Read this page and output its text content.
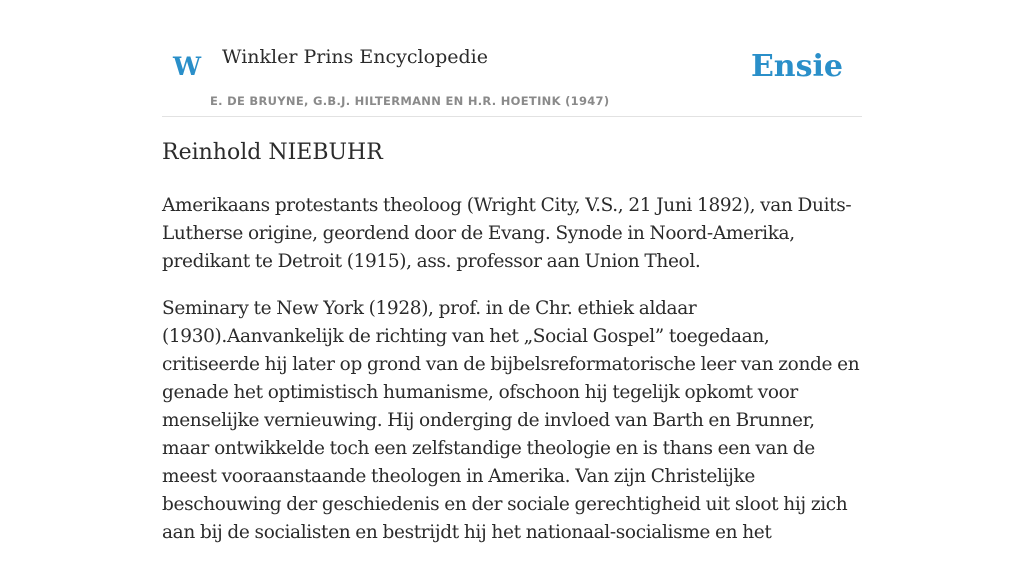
W Winkler Prins Encyclopedie
E. DE BRUYNE, G.B.J. HILTERMANN EN H.R. HOETINK (1947)
Ensie
Reinhold NIEBUHR

Amerikaans protestants theoloog (Wright City, V.S., 21 Juni 1892), van Duits-Lutherse origine, geordend door de Evang. Synode in Noord-Amerika, predikant te Detroit (1915), ass. professor aan Union Theol.

Seminary te New York (1928), prof. in de Chr. ethiek aldaar (1930).Aanvankelijk de richting van het „Social Gospel” toegedaan, critiseerde hij later op grond van de bijbelsreformatorische leer van zonde en genade het optimistisch humanisme, ofschoon hij tegelijk opkomt voor menselijke vernieuwing. Hij onderging de invloed van Barth en Brunner, maar ontwikkelde toch een zelfstandige theologie en is thans een van de meest vooraanstaande theologen in Amerika. Van zijn Christelijke beschouwing der geschiedenis en der sociale gerechtigheid uit sloot hij zich aan bij de socialisten en bestrijdt hij het nationaal-socialisme en het
